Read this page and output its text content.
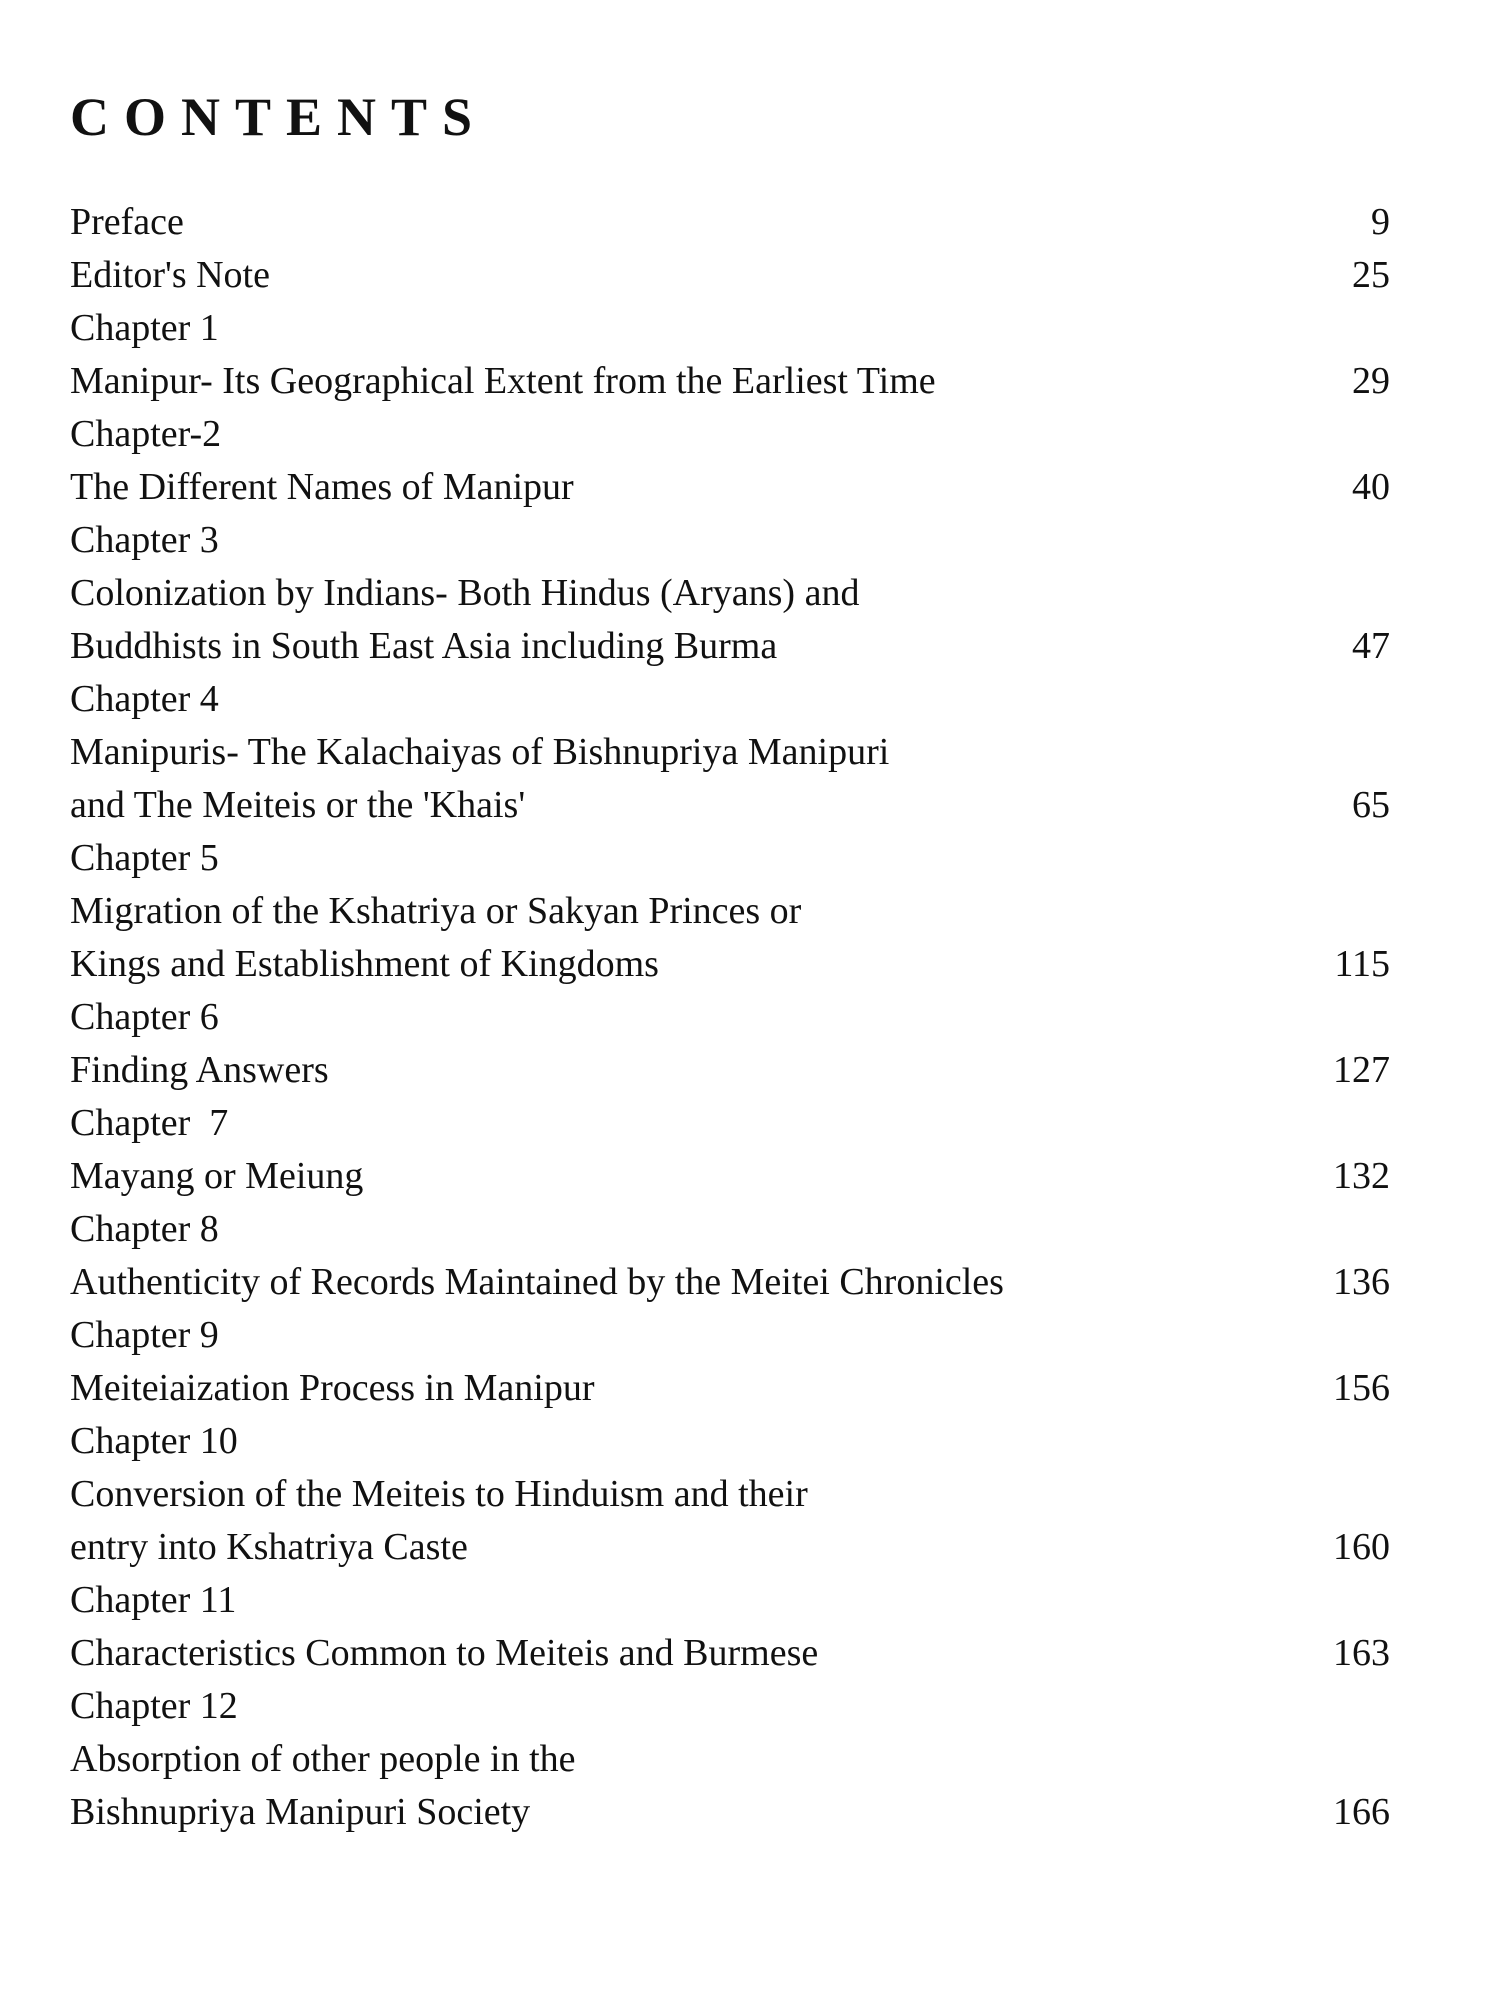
CONTENTS
Preface	9
Editor's Note	25
Chapter 1
Manipur- Its Geographical Extent from the Earliest Time	29
Chapter-2
The Different Names of Manipur	40
Chapter 3
Colonization by Indians- Both Hindus (Aryans) and
Buddhists in South East Asia including Burma	47
Chapter 4
Manipuris- The Kalachaiyas of Bishnupriya Manipuri
and The Meiteis or the 'Khais'	65
Chapter 5
Migration of the Kshatriya or Sakyan Princes or
Kings and Establishment of Kingdoms	115
Chapter 6
Finding Answers	127
Chapter  7
Mayang or Meiung	132
Chapter 8
Authenticity of Records Maintained by the Meitei Chronicles	136
Chapter 9
Meiteiaization Process in Manipur	156
Chapter 10
Conversion of the Meiteis to Hinduism and their
entry into Kshatriya Caste	160
Chapter 11
Characteristics Common to Meiteis and Burmese	163
Chapter 12
Absorption of other people in the
Bishnupriya Manipuri Society	166
